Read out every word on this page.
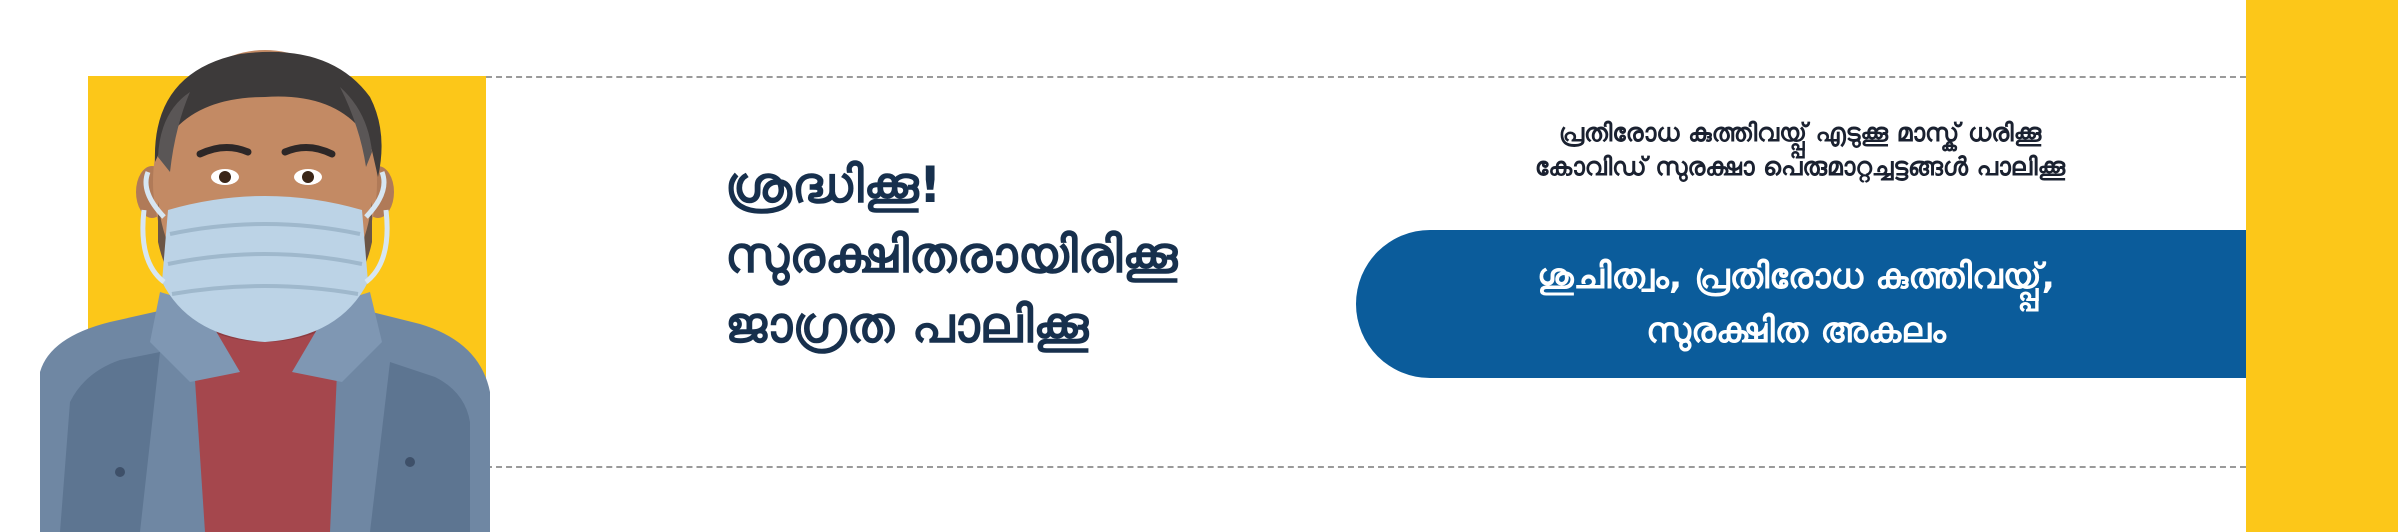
ശ്രദ്ധിക്കൂ!
സുരക്ഷിതരായിരിക്കൂ
ജാഗ്രത പാലിക്കൂ
പ്രതിരോധ കുത്തിവയ്പ്പ് എടുക്കൂ മാസ്ക് ധരിക്കൂ
കോവിഡ് സുരക്ഷാ പെരുമാറ്റച്ചട്ടങ്ങൾ പാലിക്കൂ
ശുചിത്വം, പ്രതിരോധ കുത്തിവയ്പ്പ്,
സുരക്ഷിത അകലം
